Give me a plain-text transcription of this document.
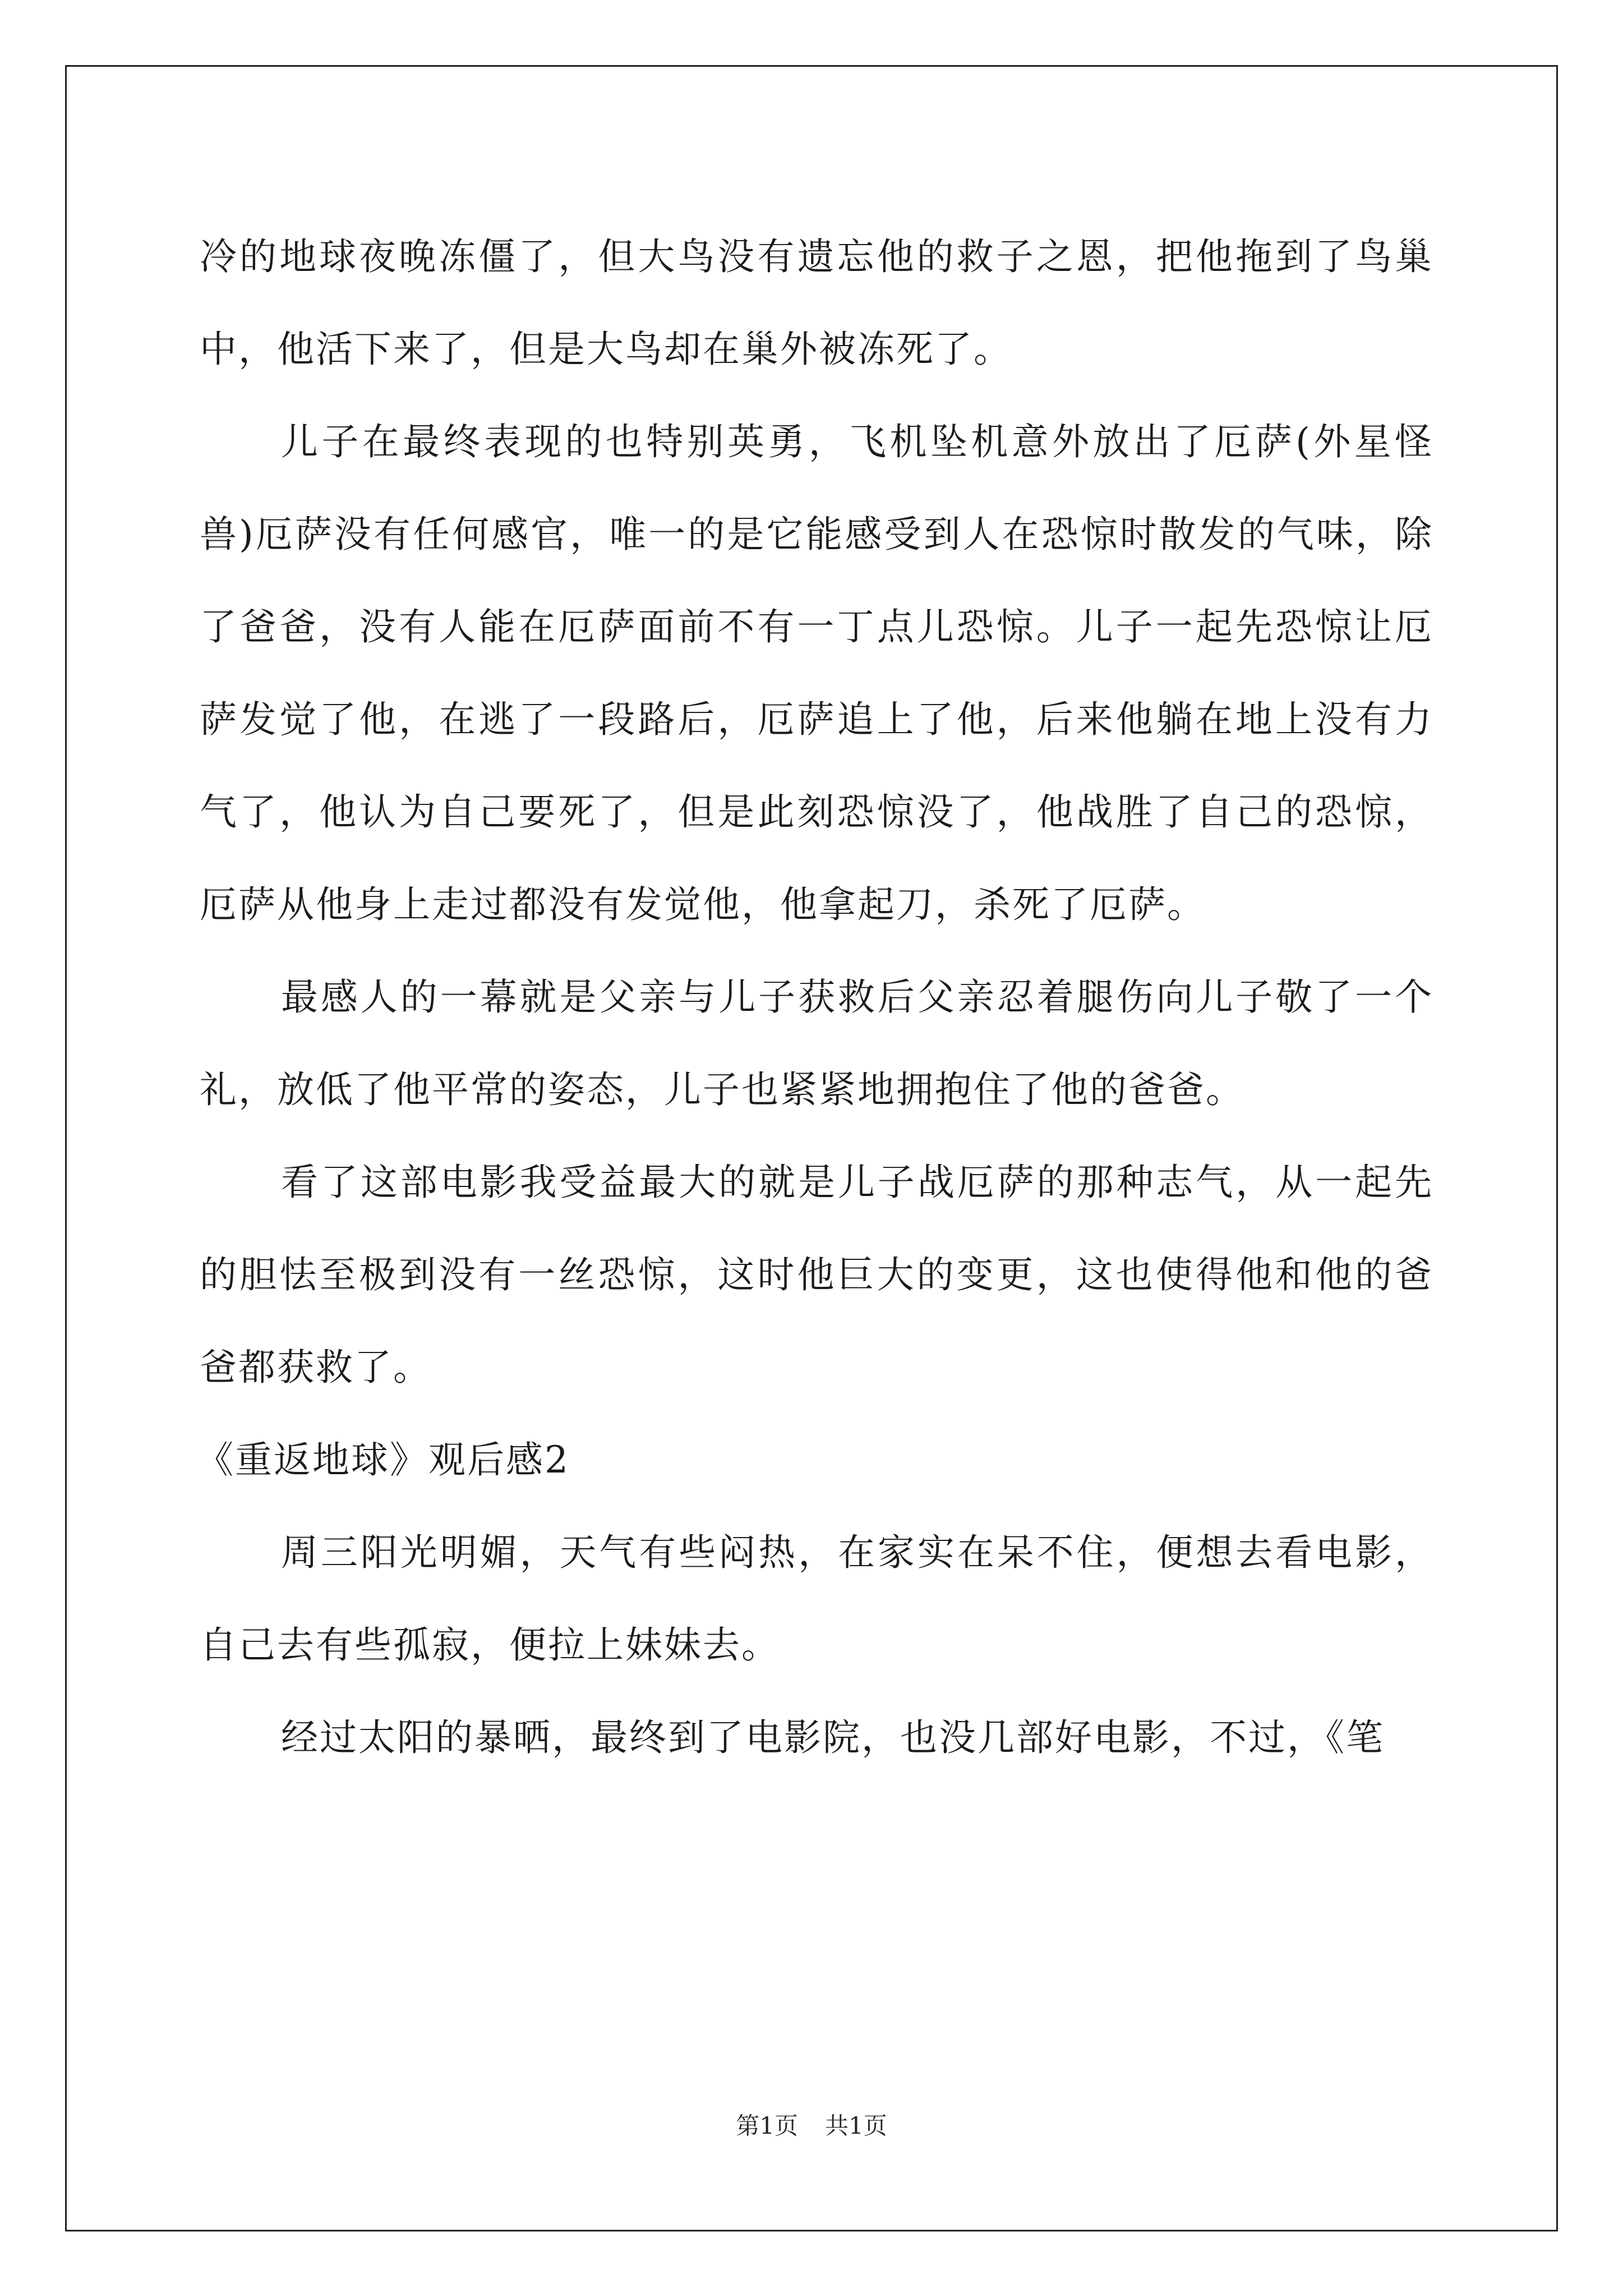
冷的地球夜晚冻僵了，但大鸟没有遗忘他的救子之恩，把他拖到了鸟巢中，他活下来了，但是大鸟却在巢外被冻死了。

儿子在最终表现的也特别英勇，飞机坠机意外放出了厄萨(外星怪兽)厄萨没有任何感官，唯一的是它能感受到人在恐惊时散发的气味，除了爸爸，没有人能在厄萨面前不有一丁点儿恐惊。儿子一起先恐惊让厄萨发觉了他，在逃了一段路后，厄萨追上了他，后来他躺在地上没有力气了，他认为自己要死了，但是此刻恐惊没了，他战胜了自己的恐惊，厄萨从他身上走过都没有发觉他，他拿起刀，杀死了厄萨。

最感人的一幕就是父亲与儿子获救后父亲忍着腿伤向儿子敬了一个礼，放低了他平常的姿态，儿子也紧紧地拥抱住了他的爸爸。

看了这部电影我受益最大的就是儿子战厄萨的那种志气，从一起先的胆怯至极到没有一丝恐惊，这时他巨大的变更，这也使得他和他的爸爸都获救了。

《重返地球》观后感2

周三阳光明媚，天气有些闷热，在家实在呆不住，便想去看电影，自己去有些孤寂，便拉上妹妹去。

经过太阳的暴晒，最终到了电影院，也没几部好电影，不过，《笔

第1页 共1页
